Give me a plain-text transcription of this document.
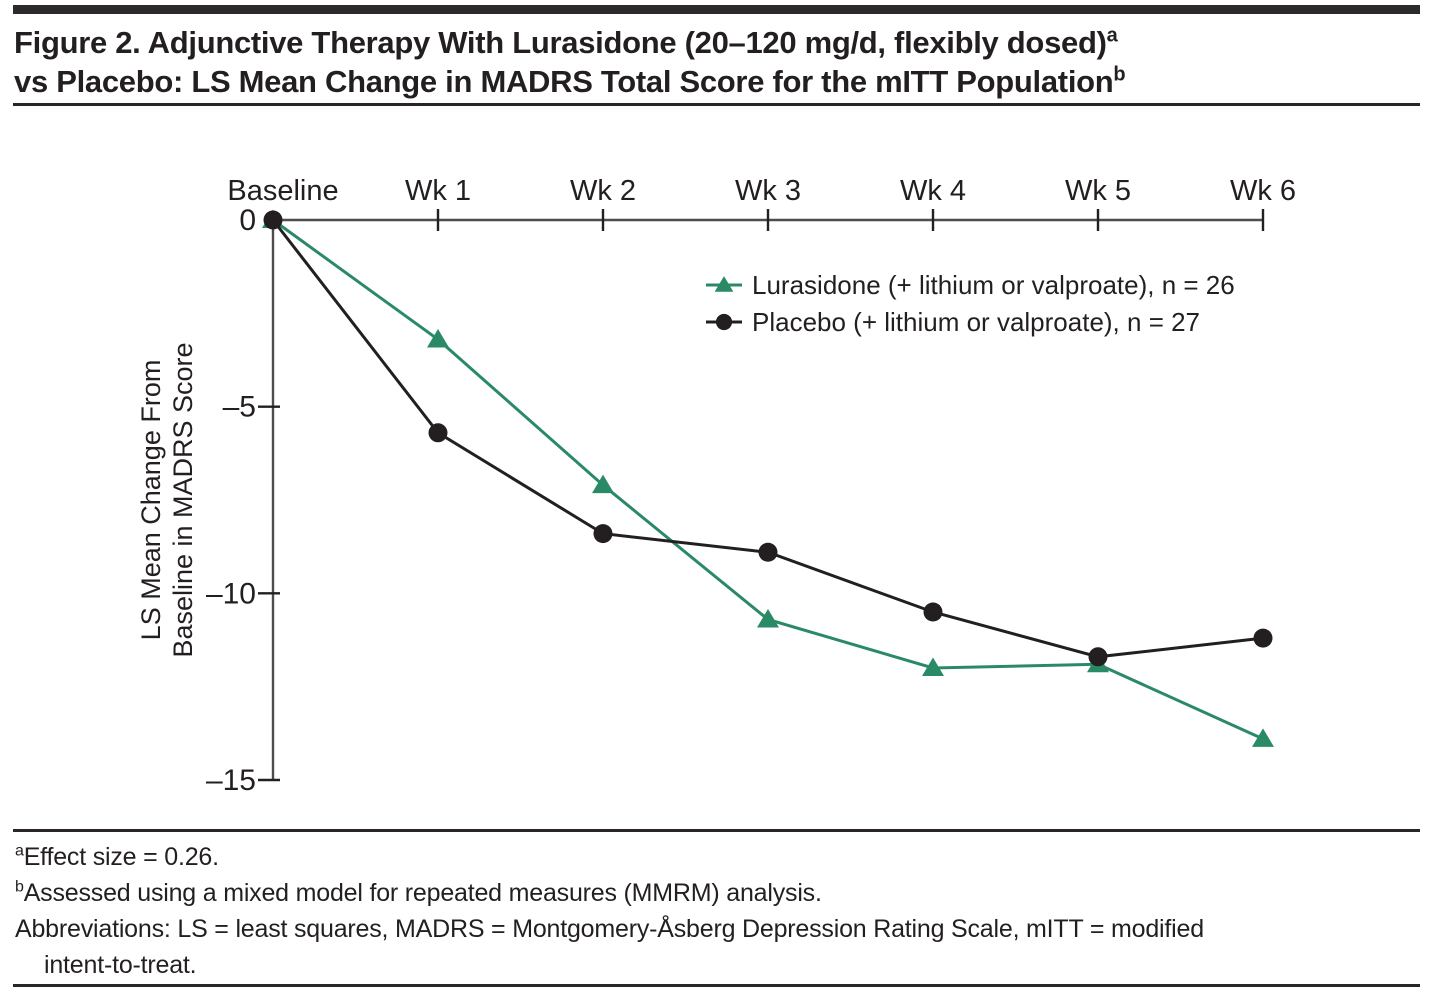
Figure 2. Adjunctive Therapy With Lurasidone (20–120 mg/d, flexibly dosed)$^a$
vs Placebo: LS Mean Change in MADRS Total Score for the mITT Population$^b$
Baseline Wk 1	Wk 2	Wk 3	Wk 4	Wk 5	Wk 6
0
–5
–10
–15
LS Mean Change From Baseline in MADRS Score
Lurasidone (+ lithium or valproate), n = 26
Placebo (+ lithium or valproate), n = 27
$^a$Effect size = 0.26.
$^b$Assessed using a mixed model for repeated measures (MMRM) analysis.
Abbreviations: LS = least squares, MADRS = Montgomery-Åsberg Depression Rating Scale, mITT = modified
intent-to-treat.
